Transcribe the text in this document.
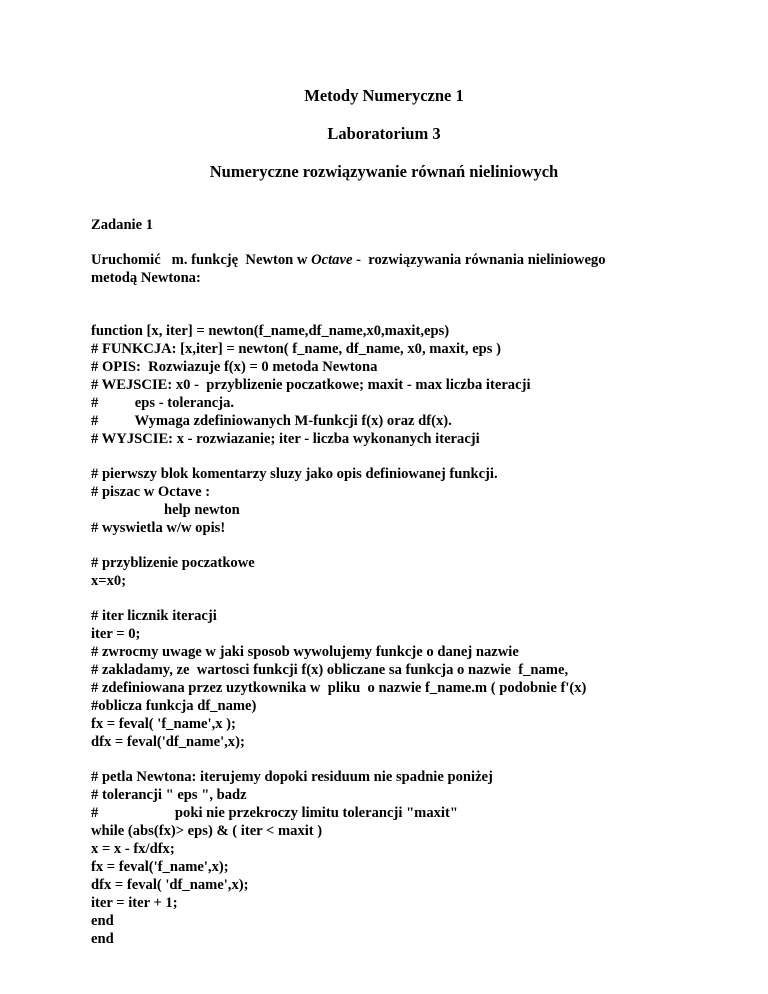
Metody Numeryczne 1
Laboratorium 3
Numeryczne rozwiązywanie równań nieliniowych
Zadanie 1
Uruchomić   m. funkcję  Newton w Octave -  rozwiązywania równania nieliniowego
metodą Newtona:
function [x, iter] = newton(f_name,df_name,x0,maxit,eps)
# FUNKCJA: [x,iter] = newton( f_name, df_name, x0, maxit, eps )
# OPIS:  Rozwiazuje f(x) = 0 metoda Newtona
# WEJSCIE: x0 -  przyblizenie poczatkowe; maxit - max liczba iteracji
#          eps - tolerancja.
#          Wymaga zdefiniowanych M-funkcji f(x) oraz df(x).
# WYJSCIE: x - rozwiazanie; iter - liczba wykonanych iteracji
# pierwszy blok komentarzy sluzy jako opis definiowanej funkcji.
# piszac w Octave :
help newton
# wyswietla w/w opis!
# przyblizenie poczatkowe
x=x0;
# iter licznik iteracji
iter = 0;
# zwrocmy uwage w jaki sposob wywolujemy funkcje o danej nazwie
# zakladamy, ze  wartosci funkcji f(x) obliczane sa funkcja o nazwie  f_name,
# zdefiniowana przez uzytkownika w  pliku  o nazwie f_name.m ( podobnie f'(x)
#oblicza funkcja df_name)
fx = feval( 'f_name',x );
dfx = feval('df_name',x);
# petla Newtona: iterujemy dopoki residuum nie spadnie poniżej
# tolerancji " eps ", badz
#                     poki nie przekroczy limitu tolerancji "maxit"
while (abs(fx)> eps) & ( iter < maxit )
x = x - fx/dfx;
fx = feval('f_name',x);
dfx = feval( 'df_name',x);
iter = iter + 1;
end
end
